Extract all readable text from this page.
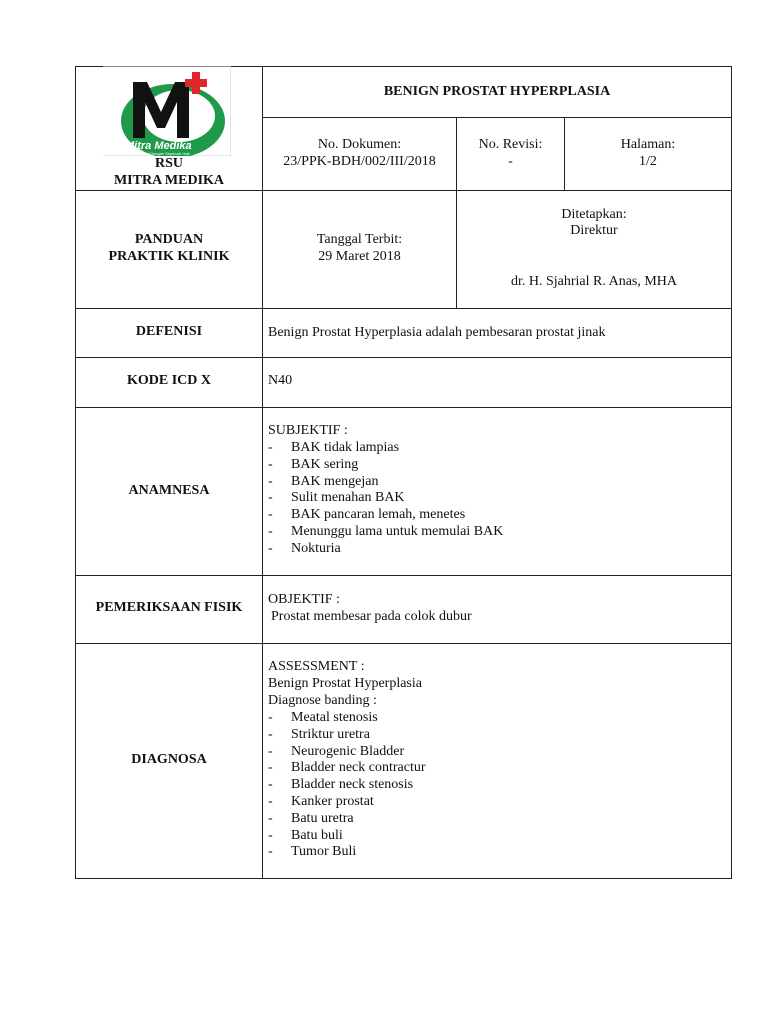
Mitra Medika
Melayani Dengan Sepenuh Hati
RSU
MITRA MEDIKA
BENIGN PROSTAT HYPERPLASIA
No. Dokumen:
23/PPK-BDH/002/III/2018
No. Revisi:
-
Halaman:
1/2
PANDUAN
PRAKTIK KLINIK
Tanggal Terbit:
29 Maret 2018
Ditetapkan:
Direktur
dr. H. Sjahrial R. Anas, MHA
DEFENISI	Benign Prostat Hyperplasia adalah pembesaran prostat jinak
KODE ICD X	N40
ANAMNESA
SUBJEKTIF :
- BAK tidak lampias
- BAK sering
- BAK mengejan
- Sulit menahan BAK
- BAK pancaran lemah, menetes
- Menunggu lama untuk memulai BAK
- Nokturia
PEMERIKSAAN FISIK
OBJEKTIF :
Prostat membesar pada colok dubur
DIAGNOSA
ASSESSMENT :
Benign Prostat Hyperplasia
Diagnose banding :
- Meatal stenosis
- Striktur uretra
- Neurogenic Bladder
- Bladder neck contractur
- Bladder neck stenosis
- Kanker prostat
- Batu uretra
- Batu buli
- Tumor Buli
